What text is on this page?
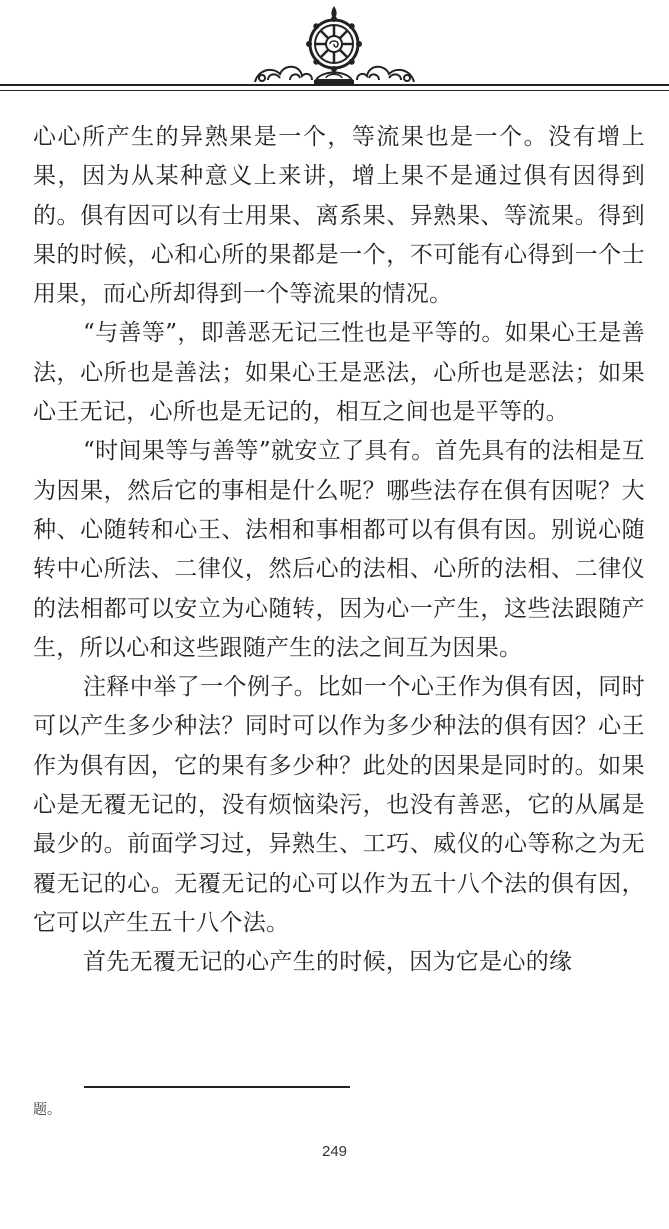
心心所产生的异熟果是一个，等流果也是一个。没有增上果，因为从某种意义上来讲，增上果不是通过俱有因得到的。俱有因可以有士用果、离系果、异熟果、等流果。得到果的时候，心和心所的果都是一个，不可能有心得到一个士用果，而心所却得到一个等流果的情况。

“与善等”，即善恶无记三性也是平等的。如果心王是善法，心所也是善法；如果心王是恶法，心所也是恶法；如果心王无记，心所也是无记的，相互之间也是平等的。

“时间果等与善等”就安立了具有。首先具有的法相是互为因果，然后它的事相是什么呢？哪些法存在俱有因呢？大种、心随转和心王、法相和事相都可以有俱有因。别说心随转中心所法、二律仪，然后心的法相、心所的法相、二律仪的法相都可以安立为心随转，因为心一产生，这些法跟随产生，所以心和这些跟随产生的法之间互为因果。

注释中举了一个例子。比如一个心王作为俱有因，同时可以产生多少种法？同时可以作为多少种法的俱有因？心王作为俱有因，它的果有多少种？此处的因果是同时的。如果心是无覆无记的，没有烦恼染污，也没有善恶，它的从属是最少的。前面学习过，异熟生、工巧、威仪的心等称之为无覆无记的心。无覆无记的心可以作为五十八个法的俱有因，它可以产生五十八个法。

首先无覆无记的心产生的时候，因为它是心的缘

题。
249
